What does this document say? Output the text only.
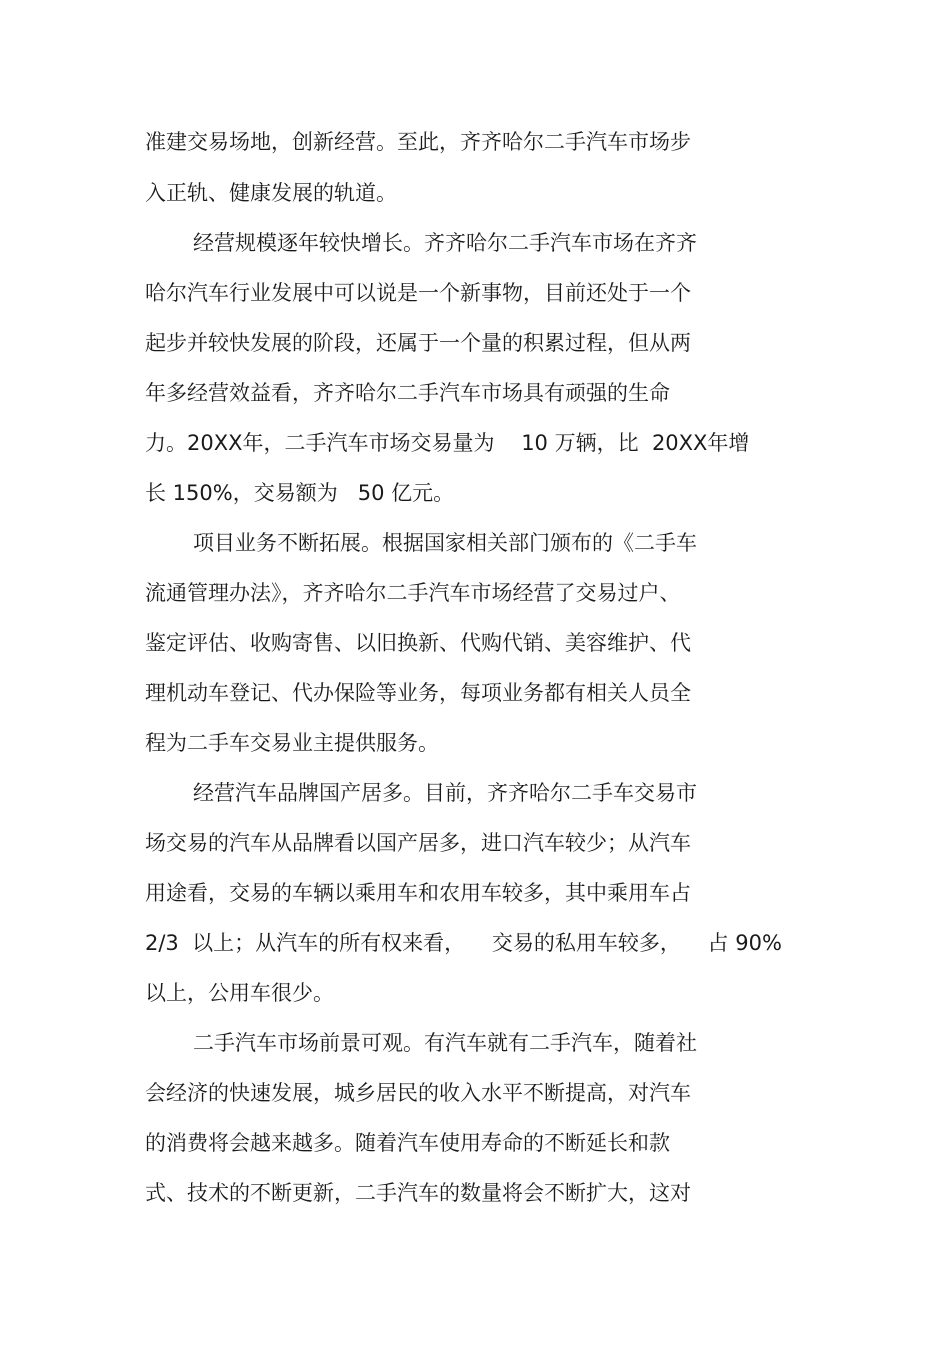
准建交易场地，创新经营。至此，齐齐哈尔二手汽车市场步

入正轨、健康发展的轨道。

经营规模逐年较快增长。齐齐哈尔二手汽车市场在齐齐

哈尔汽车行业发展中可以说是一个新事物，目前还处于一个

起步并较快发展的阶段，还属于一个量的积累过程，但从两

年多经营效益看，齐齐哈尔二手汽车市场具有顽强的生命

力。20XX年，二手汽车市场交易量为    10 万辆，比  20XX年增

长 150%，交易额为   50 亿元。

项目业务不断拓展。根据国家相关部门颁布的《二手车

流通管理办法》，齐齐哈尔二手汽车市场经营了交易过户、

鉴定评估、收购寄售、以旧换新、代购代销、美容维护、代

理机动车登记、代办保险等业务，每项业务都有相关人员全

程为二手车交易业主提供服务。

经营汽车品牌国产居多。目前，齐齐哈尔二手车交易市

场交易的汽车从品牌看以国产居多，进口汽车较少；从汽车

用途看，交易的车辆以乘用车和农用车较多，其中乘用车占

2/3  以上；从汽车的所有权来看，    交易的私用车较多，    占 90%

以上，公用车很少。

二手汽车市场前景可观。有汽车就有二手汽车，随着社

会经济的快速发展，城乡居民的收入水平不断提高，对汽车

的消费将会越来越多。随着汽车使用寿命的不断延长和款

式、技术的不断更新，二手汽车的数量将会不断扩大，这对
